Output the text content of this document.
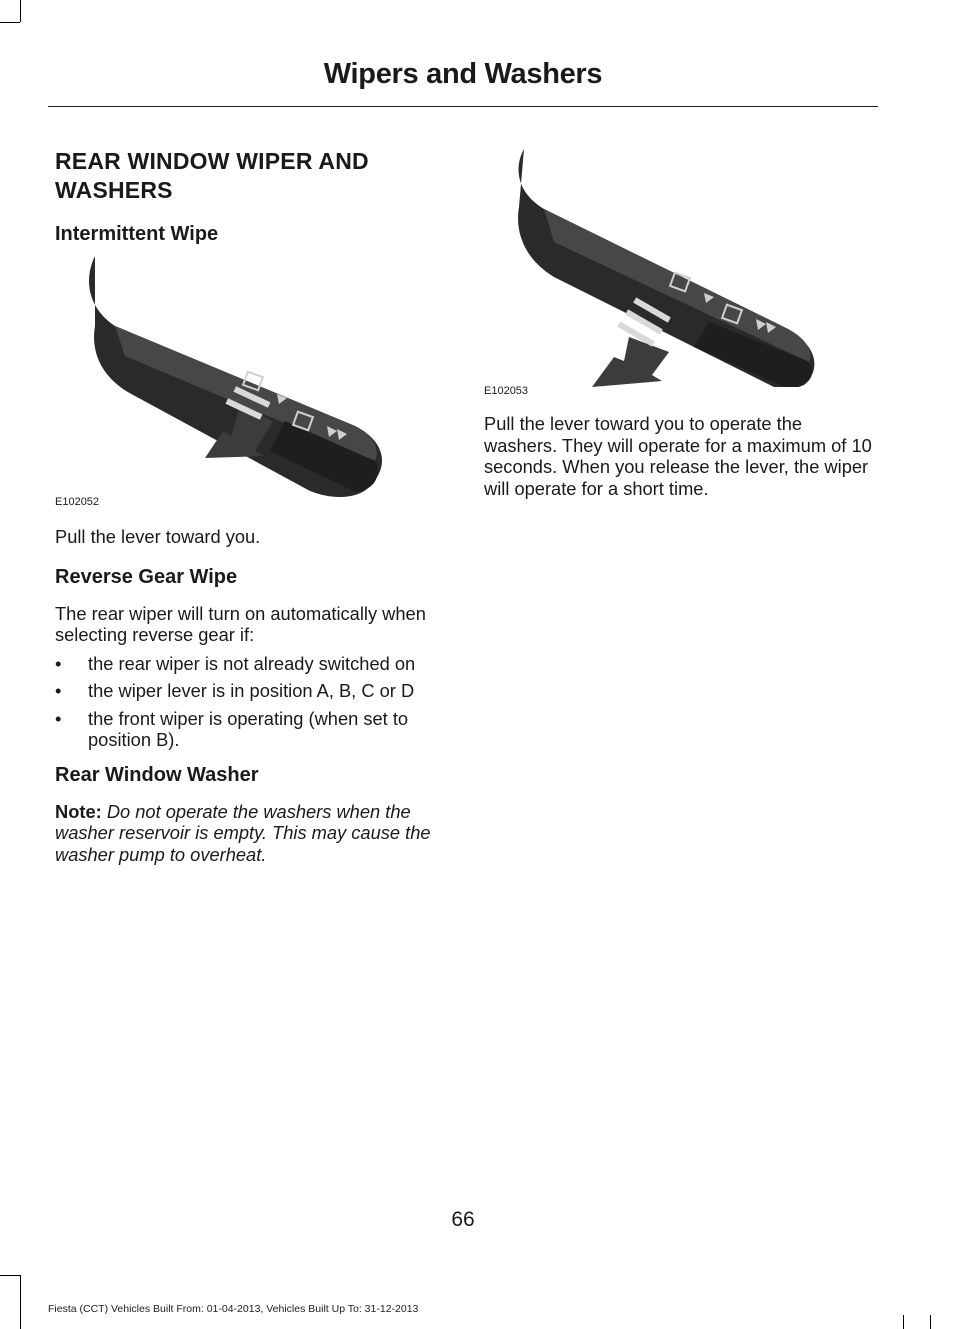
Wipers and Washers
REAR WINDOW WIPER AND WASHERS
Intermittent Wipe
E102052

Pull the lever toward you.

Reverse Gear Wipe

The rear wiper will turn on automatically when selecting reverse gear if:

• the rear wiper is not already switched on
• the wiper lever is in position A, B, C or D
• the front wiper is operating (when set to position B).
Rear Window Washer

Note: Do not operate the washers when the washer reservoir is empty. This may cause the washer pump to overheat.

E102053

Pull the lever toward you to operate the washers. They will operate for a maximum of 10 seconds. When you release the lever, the wiper will operate for a short time.

66
Fiesta (CCT) Vehicles Built From: 01-04-2013, Vehicles Built Up To: 31-12-2013
